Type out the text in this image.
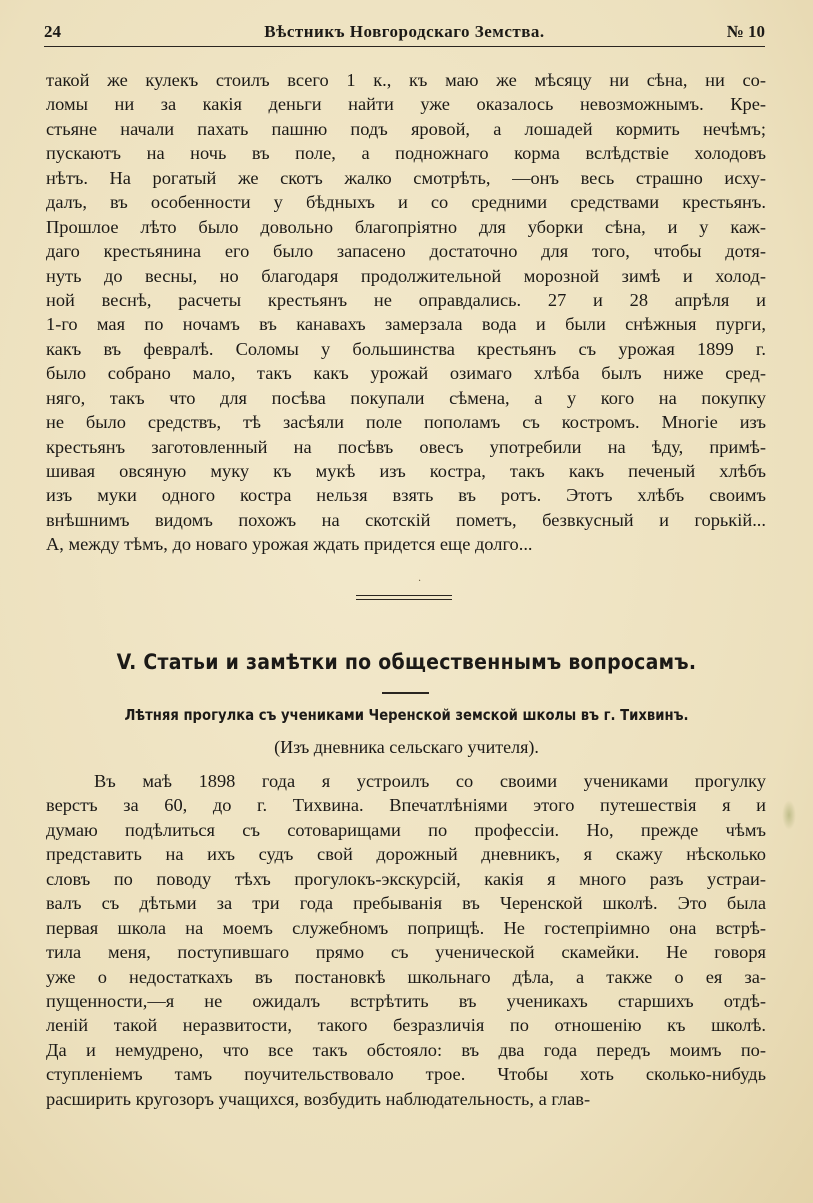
24	Вѣстникъ Новгородскаго Земства.	№ 10
такой же кулекъ стоилъ всего 1 к., къ маю же мѣсяцу ни сѣна, ни со-
ломы ни за какія деньги найти уже оказалось невозможнымъ. Кре-
стьяне начали пахать пашню подъ яровой, а лошадей кормить нечѣмъ;
пускаютъ на ночь въ поле, а подножнаго корма вслѣдствіе холодовъ
нѣтъ. На рогатый же скотъ жалко смотрѣть, —онъ весь страшно исху-
далъ, въ особенности у бѣдныхъ и со средними средствами крестьянъ.
Прошлое лѣто было довольно благопріятно для уборки сѣна, и у каж-
даго крестьянина его было запасено достаточно для того, чтобы дотя-
нуть до весны, но благодаря продолжительной морозной зимѣ и холод-
ной веснѣ, расчеты крестьянъ не оправдались. 27 и 28 апрѣля и
1-го мая по ночамъ въ канавахъ замерзала вода и были снѣжныя пурги,
какъ въ февралѣ. Соломы у большинства крестьянъ съ урожая 1899 г.
было собрано мало, такъ какъ урожай озимаго хлѣба былъ ниже сред-
няго, такъ что для посѣва покупали сѣмена, а у кого на покупку
не было средствъ, тѣ засѣяли поле пополамъ съ костромъ. Многіе изъ
крестьянъ заготовленный на посѣвъ овесъ употребили на ѣду, примѣ-
шивая овсяную муку къ мукѣ изъ костра, такъ какъ печеный хлѣбъ
изъ муки одного костра нельзя взять въ ротъ. Этотъ хлѣбъ своимъ
внѣшнимъ видомъ похожъ на скотскій пометъ, безвкусный и горькій...
А, между тѣмъ, до новаго урожая ждать придется еще долго...
·
V. Статьи и замѣтки по общественнымъ вопросамъ.
Лѣтняя прогулка съ учениками Черенской земской школы въ г. Тихвинъ.
(Изъ дневника сельскаго учителя).
Въ маѣ 1898 года я устроилъ со своими учениками прогулку
верстъ за 60, до г. Тихвина. Впечатлѣніями этого путешествія я и
думаю подѣлиться съ сотоварищами по профессіи. Но, прежде чѣмъ
представить на ихъ судъ свой дорожный дневникъ, я скажу нѣсколько
словъ по поводу тѣхъ прогулокъ-экскурсій, какія я много разъ устраи-
валъ съ дѣтьми за три года пребыванія въ Черенской школѣ. Это была
первая школа на моемъ служебномъ поприщѣ. Не гостепріимно она встрѣ-
тила меня, поступившаго прямо съ ученической скамейки. Не говоря
уже о недостаткахъ въ постановкѣ школьнаго дѣла, а также о ея за-
пущенности,—я не ожидалъ встрѣтить въ ученикахъ старшихъ отдѣ-
леній такой неразвитости, такого безразличія по отношенію къ школѣ.
Да и немудрено, что все такъ обстояло: въ два года передъ моимъ по-
ступленіемъ тамъ поучительствовало трое. Чтобы хоть сколько-нибудь
расширить кругозоръ учащихся, возбудить наблюдательность, а глав-
